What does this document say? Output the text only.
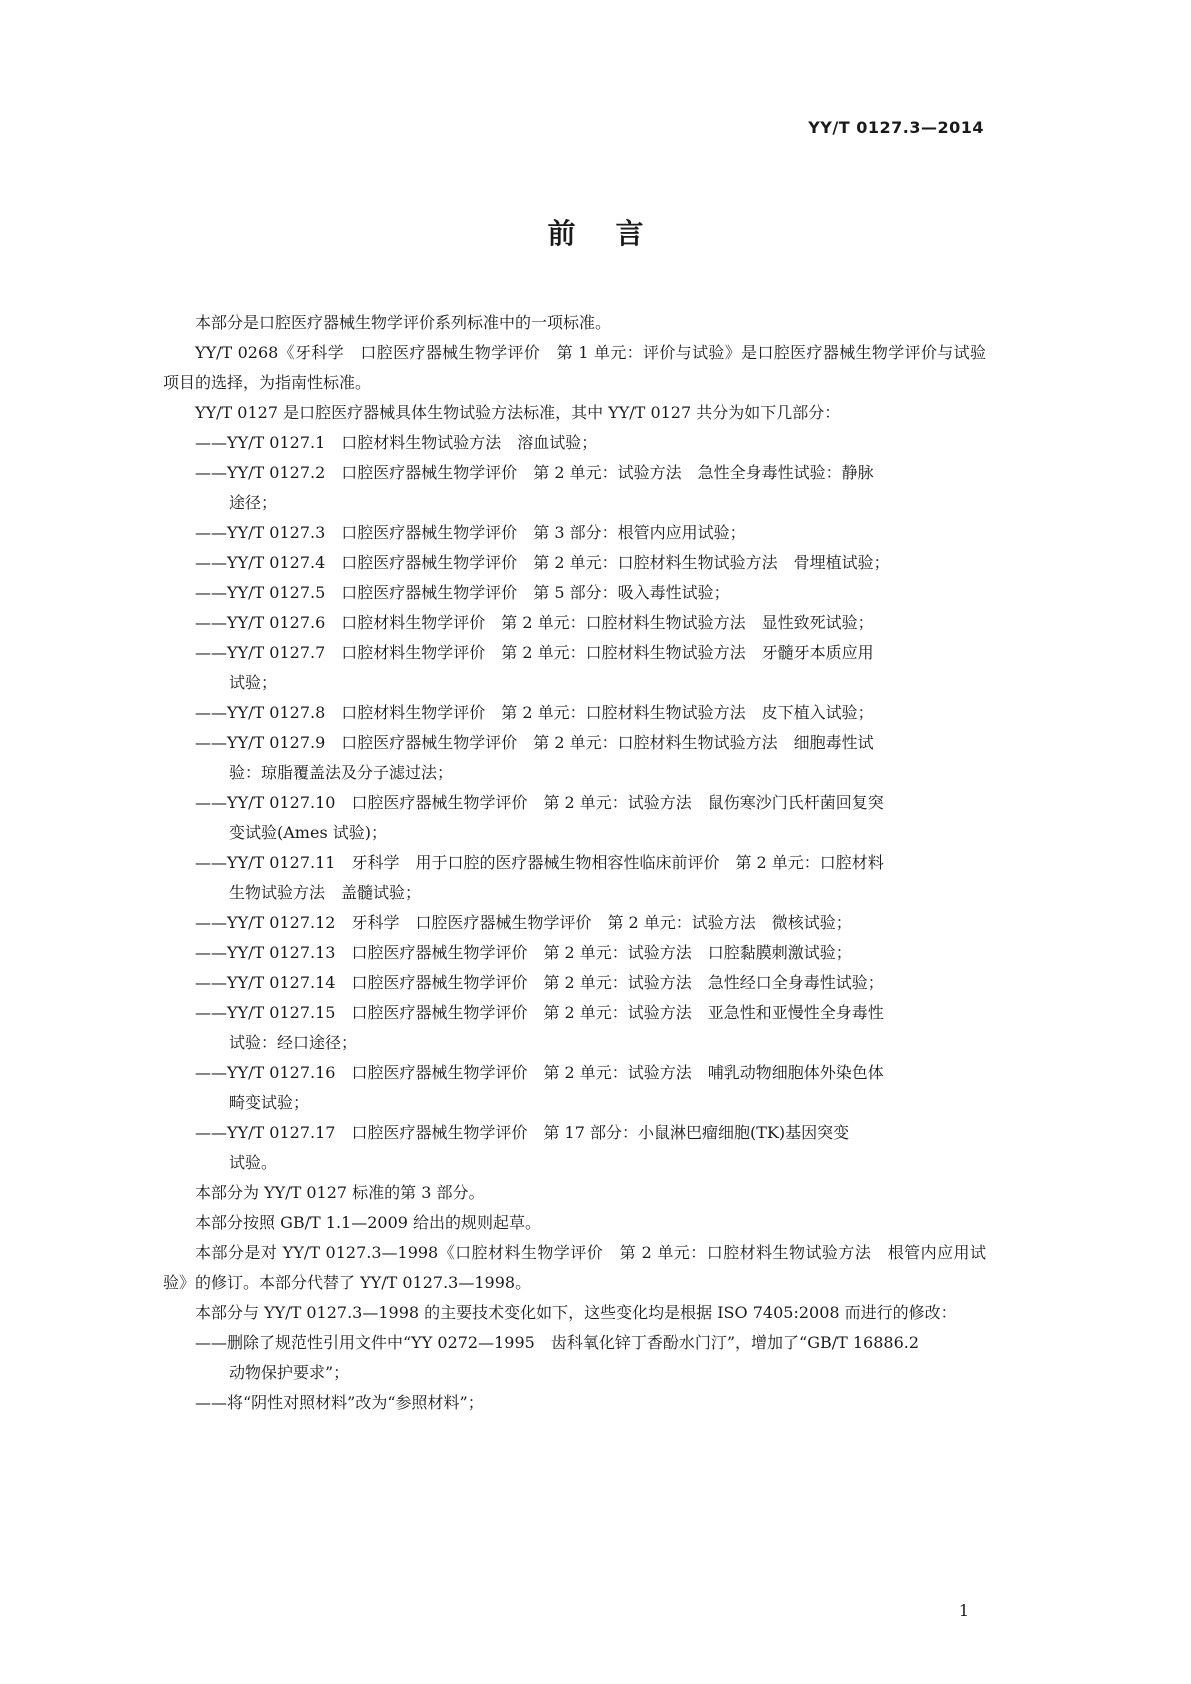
YY/T 0127.3—2014
前言

本部分是口腔医疗器械生物学评价系列标准中的一项标准。

YY/T 0268《牙科学　口腔医疗器械生物学评价　第 1 单元：评价与试验》是口腔医疗器械生物学评价与试验项目的选择，为指南性标准。

YY/T 0127 是口腔医疗器械具体生物试验方法标准，其中 YY/T 0127 共分为如下几部分：

——YY/T 0127.1　口腔材料生物试验方法　溶血试验；
——YY/T 0127.2　口腔医疗器械生物学评价　第 2 单元：试验方法　急性全身毒性试验：静脉
途径；
——YY/T 0127.3　口腔医疗器械生物学评价　第 3 部分：根管内应用试验；
——YY/T 0127.4　口腔医疗器械生物学评价　第 2 单元：口腔材料生物试验方法　骨埋植试验；
——YY/T 0127.5　口腔医疗器械生物学评价　第 5 部分：吸入毒性试验；
——YY/T 0127.6　口腔材料生物学评价　第 2 单元：口腔材料生物试验方法　显性致死试验；
——YY/T 0127.7　口腔材料生物学评价　第 2 单元：口腔材料生物试验方法　牙髓牙本质应用
试验；
——YY/T 0127.8　口腔材料生物学评价　第 2 单元：口腔材料生物试验方法　皮下植入试验；
——YY/T 0127.9　口腔医疗器械生物学评价　第 2 单元：口腔材料生物试验方法　细胞毒性试
验：琼脂覆盖法及分子滤过法；
——YY/T 0127.10　口腔医疗器械生物学评价　第 2 单元：试验方法　鼠伤寒沙门氏杆菌回复突
变试验(Ames 试验)；
——YY/T 0127.11　牙科学　用于口腔的医疗器械生物相容性临床前评价　第 2 单元：口腔材料
生物试验方法　盖髓试验；
——YY/T 0127.12　牙科学　口腔医疗器械生物学评价　第 2 单元：试验方法　微核试验；
——YY/T 0127.13　口腔医疗器械生物学评价　第 2 单元：试验方法　口腔黏膜刺激试验；
——YY/T 0127.14　口腔医疗器械生物学评价　第 2 单元：试验方法　急性经口全身毒性试验；
——YY/T 0127.15　口腔医疗器械生物学评价　第 2 单元：试验方法　亚急性和亚慢性全身毒性
试验：经口途径；
——YY/T 0127.16　口腔医疗器械生物学评价　第 2 单元：试验方法　哺乳动物细胞体外染色体
畸变试验；
——YY/T 0127.17　口腔医疗器械生物学评价　第 17 部分：小鼠淋巴瘤细胞(TK)基因突变
试验。

本部分为 YY/T 0127 标准的第 3 部分。

本部分按照 GB/T 1.1—2009 给出的规则起草。

本部分是对 YY/T 0127.3—1998《口腔材料生物学评价　第 2 单元：口腔材料生物试验方法　根管内应用试验》的修订。本部分代替了 YY/T 0127.3—1998。

本部分与 YY/T 0127.3—1998 的主要技术变化如下，这些变化均是根据 ISO 7405:2008 而进行的修改：

——删除了规范性引用文件中“YY 0272—1995　齿科氧化锌丁香酚水门汀”，增加了“GB/T 16886.2
动物保护要求”；
——将“阴性对照材料”改为“参照材料”；
1
